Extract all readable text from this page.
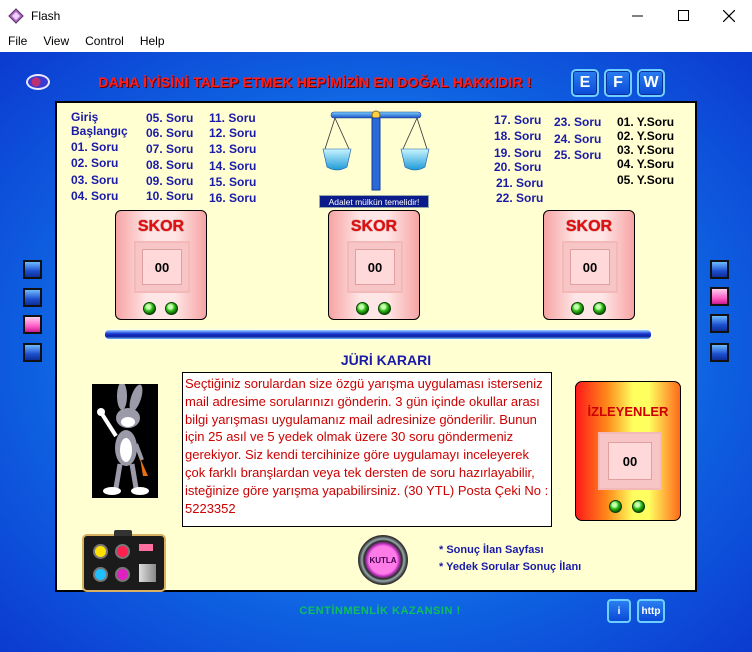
Flash
File	View	Control	Help
DAHA İYİSİNİ TALEP ETMEK HEPİMİZİN EN DOĞAL HAKKIDIR !	E	F	W
Giriş
Başlangıç
01. Soru
02. Soru
03. Soru
04. Soru
05. Soru
06. Soru
07. Soru
08. Soru
09. Soru
10. Soru
11. Soru
12. Soru
13. Soru
14. Soru
15. Soru
16. Soru
17. Soru
18. Soru
19. Soru
20. Soru
21. Soru
22. Soru
23. Soru
24. Soru
25. Soru
01. Y.Soru
02. Y.Soru
03. Y.Soru
04. Y.Soru
05. Y.Soru
Adalet mülkün temelidir!
SKOR
00
SKOR
00
SKOR
00
JÜRİ KARARI

Seçtiğiniz sorulardan size özgü yarışma uygulaması isterseniz mail adresime sorularınızı gönderin. 3 gün içinde okullar arası bilgi yarışması uygulamanız mail adresinize gönderilir. Bunun için 25 asıl ve 5 yedek olmak üzere 30 soru göndermeniz gerekiyor. Siz kendi tercihinize göre uygulamayı inceleyerek çok farklı branşlardan veya tek dersten de soru hazırlayabilir, isteğinize göre yarışma yapabilirsiniz. (30 YTL) Posta Çeki No : 5223352

İZLEYENLER
00
KUTLA
* Sonuç İlan Sayfası
* Yedek Sorular Sonuç İlanı
CENTİNMENLİK KAZANSIN !	i	http
